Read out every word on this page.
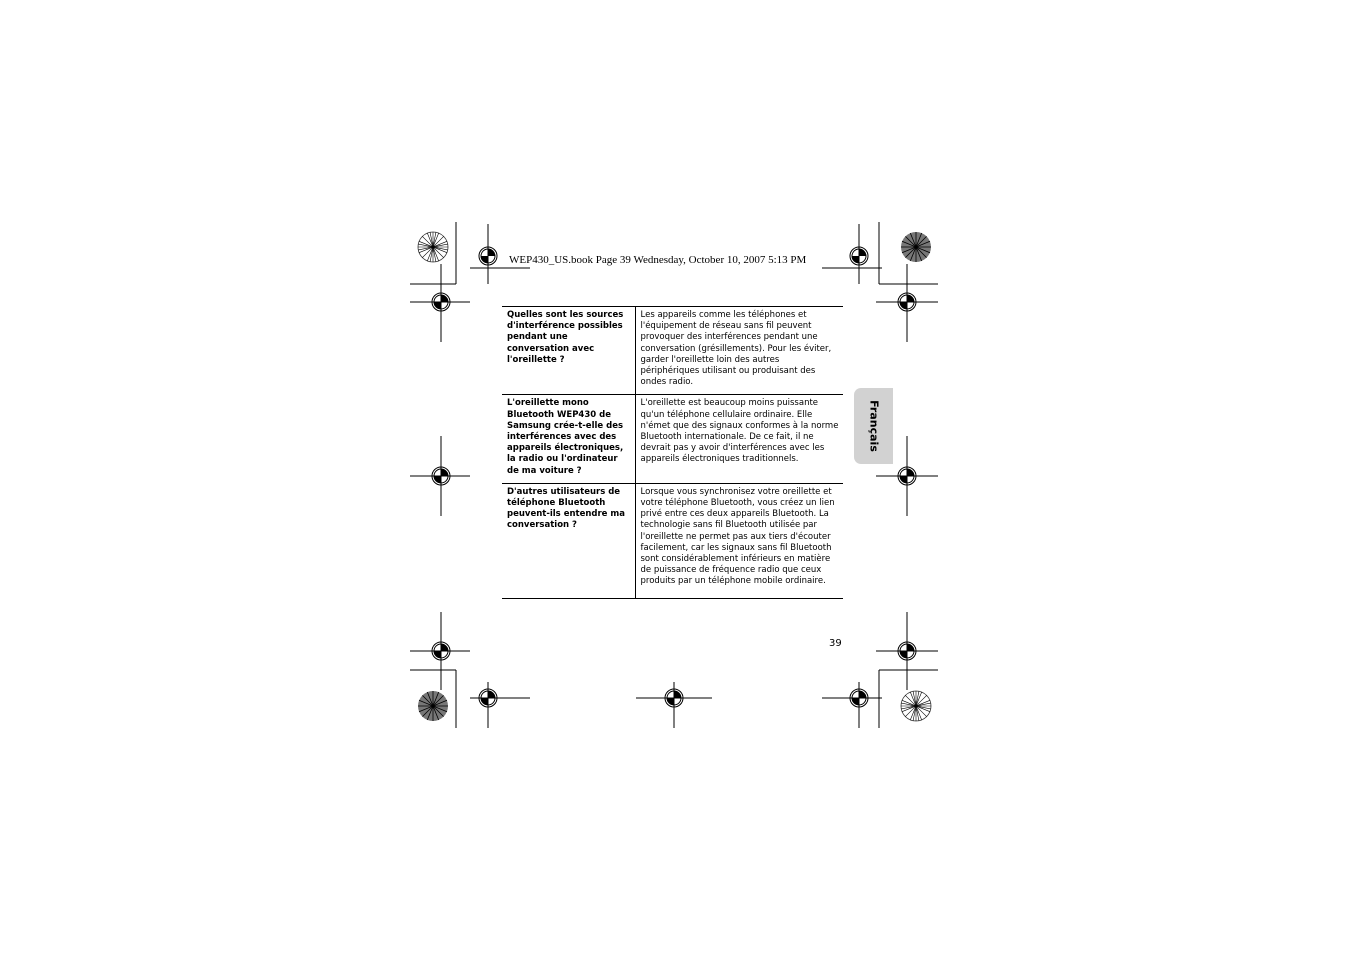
WEP430_US.book Page 39 Wednesday, October 10, 2007 5:13 PM
Quelles sont les sources d'interférence possibles pendant une conversation avec l'oreillette ?	Les appareils comme les téléphones et l'équipement de réseau sans fil peuvent provoquer des interférences pendant une conversation (grésillements). Pour les éviter, garder l'oreillette loin des autres périphériques utilisant ou produisant des ondes radio.
L'oreillette mono Bluetooth WEP430 de Samsung crée-t-elle des interférences avec des appareils électroniques, la radio ou l'ordinateur de ma voiture ?	L'oreillette est beaucoup moins puissante qu'un téléphone cellulaire ordinaire. Elle n'émet que des signaux conformes à la norme Bluetooth internationale. De ce fait, il ne devrait pas y avoir d'interférences avec les appareils électroniques traditionnels.
D'autres utilisateurs de téléphone Bluetooth peuvent-ils entendre ma conversation ?	Lorsque vous synchronisez votre oreillette et votre téléphone Bluetooth, vous créez un lien privé entre ces deux appareils Bluetooth. La technologie sans fil Bluetooth utilisée par l'oreillette ne permet pas aux tiers d'écouter facilement, car les signaux sans fil Bluetooth sont considérablement inférieurs en matière de puissance de fréquence radio que ceux produits par un téléphone mobile ordinaire.
Français
39
